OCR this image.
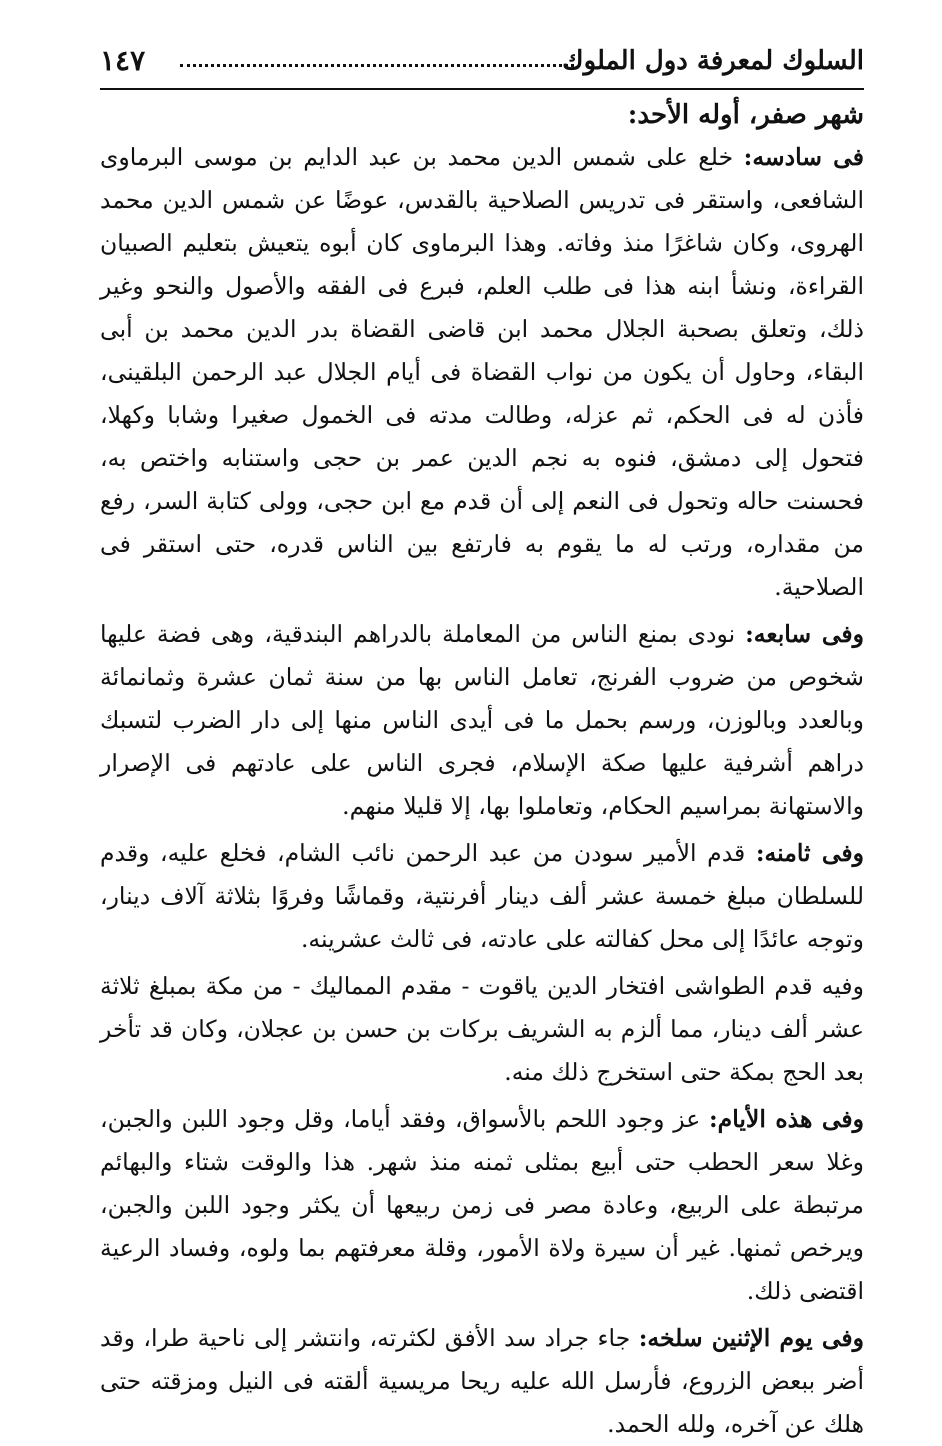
السلوك لمعرفة دول الملوك
١٤٧
شهر صفر، أوله الأحد:

فى سادسه: خلع على شمس الدين محمد بن عبد الدايم بن موسى البرماوى الشافعى، واستقر فى تدريس الصلاحية بالقدس، عوضًا عن شمس الدين محمد الهروى، وكان شاغرًا منذ وفاته. وهذا البرماوى كان أبوه يتعيش بتعليم الصبيان القراءة، ونشأ ابنه هذا فى طلب العلم، فبرع فى الفقه والأصول والنحو وغير ذلك، وتعلق بصحبة الجلال محمد ابن قاضى القضاة بدر الدين محمد بن أبى البقاء، وحاول أن يكون من نواب القضاة فى أيام الجلال عبد الرحمن البلقينى، فأذن له فى الحكم، ثم عزله، وطالت مدته فى الخمول صغيرا وشابا وكهلا، فتحول إلى دمشق، فنوه به نجم الدين عمر بن حجى واستنابه واختص به، فحسنت حاله وتحول فى النعم إلى أن قدم مع ابن حجى، وولى كتابة السر، رفع من مقداره، ورتب له ما يقوم به فارتفع بين الناس قدره، حتى استقر فى الصلاحية.

وفى سابعه: نودى بمنع الناس من المعاملة بالدراهم البندقية، وهى فضة عليها شخوص من ضروب الفرنج، تعامل الناس بها من سنة ثمان عشرة وثمانمائة وبالعدد وبالوزن، ورسم بحمل ما فى أيدى الناس منها إلى دار الضرب لتسبك دراهم أشرفية عليها صكة الإسلام، فجرى الناس على عادتهم فى الإصرار والاستهانة بمراسيم الحكام، وتعاملوا بها، إلا قليلا منهم.

وفى ثامنه: قدم الأمير سودن من عبد الرحمن نائب الشام، فخلع عليه، وقدم للسلطان مبلغ خمسة عشر ألف دينار أفرنتية، وقماشًا وفروًا بثلاثة آلاف دينار، وتوجه عائدًا إلى محل كفالته على عادته، فى ثالث عشرينه.

وفيه قدم الطواشى افتخار الدين ياقوت - مقدم المماليك - من مكة بمبلغ ثلاثة عشر ألف دينار، مما ألزم به الشريف بركات بن حسن بن عجلان، وكان قد تأخر بعد الحج بمكة حتى استخرج ذلك منه.

وفى هذه الأيام: عز وجود اللحم بالأسواق، وفقد أياما، وقل وجود اللبن والجبن، وغلا سعر الحطب حتى أبيع بمثلى ثمنه منذ شهر. هذا والوقت شتاء والبهائم مرتبطة على الربيع، وعادة مصر فى زمن ربيعها أن يكثر وجود اللبن والجبن، ويرخص ثمنها. غير أن سيرة ولاة الأمور، وقلة معرفتهم بما ولوه، وفساد الرعية اقتضى ذلك.

وفى يوم الإثنين سلخه: جاء جراد سد الأفق لكثرته، وانتشر إلى ناحية طرا، وقد أضر ببعض الزروع، فأرسل الله عليه ريحا مريسية ألقته فى النيل ومزقته حتى هلك عن آخره، ولله الحمد.
